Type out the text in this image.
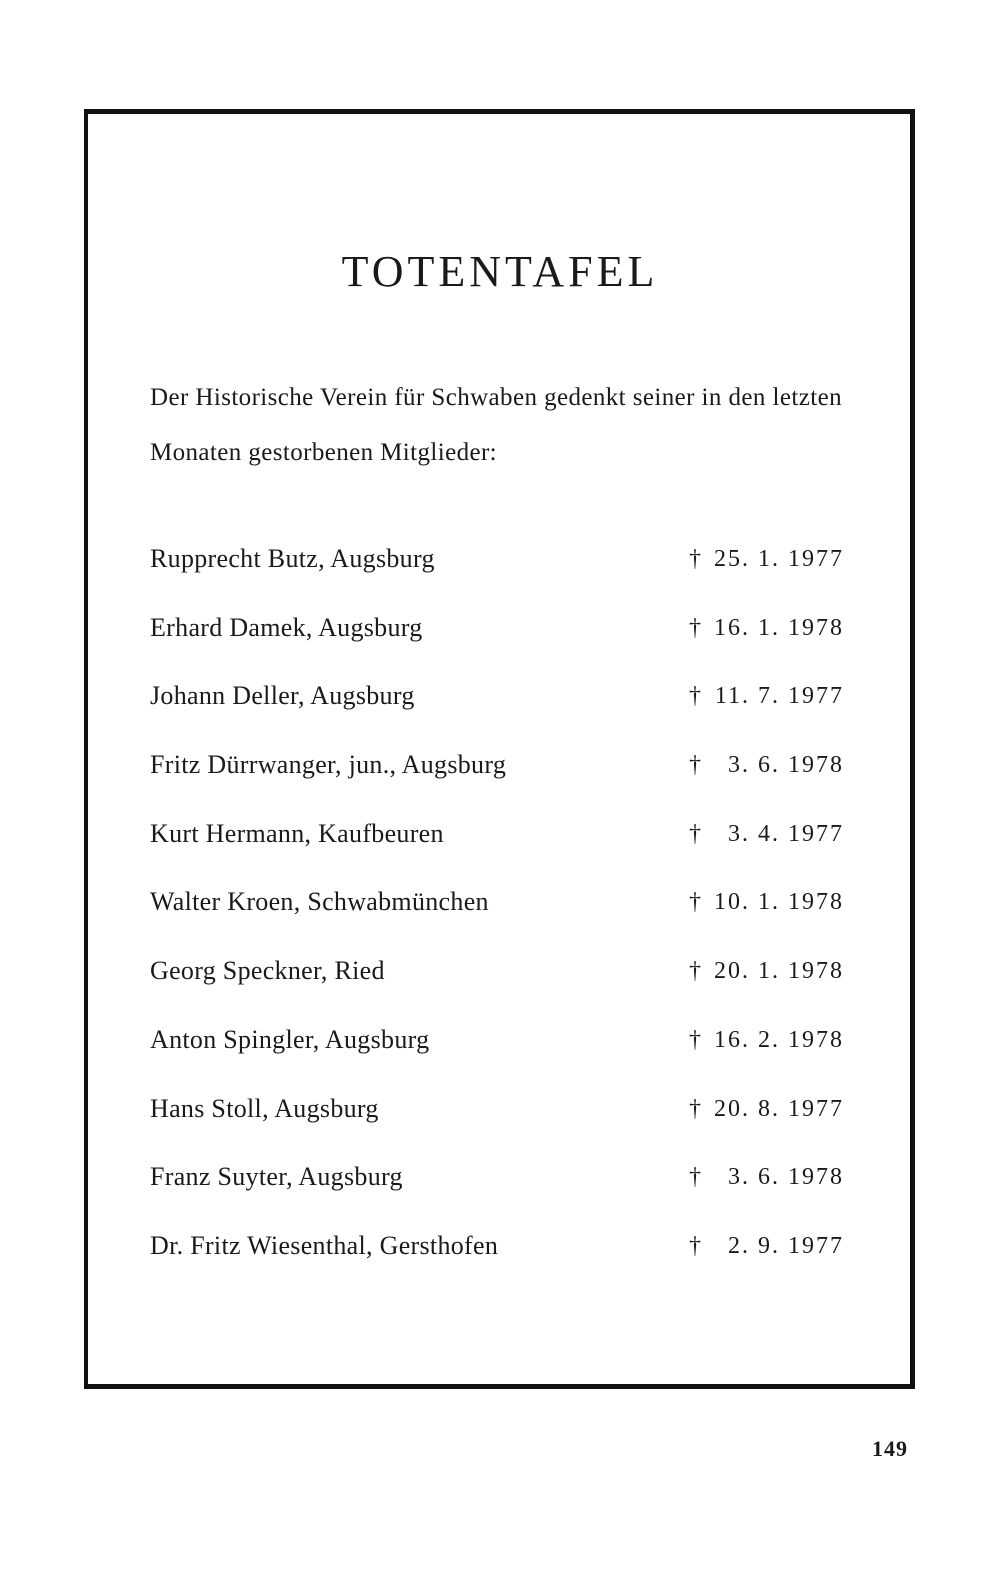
TOTENTAFEL

Der Historische Verein für Schwaben gedenkt seiner in den letzten Monaten gestorbenen Mitglieder:

Rupprecht Butz, Augsburg	† 25. 1. 1977
Erhard Damek, Augsburg	† 16. 1. 1978
Johann Deller, Augsburg	† 11. 7. 1977
Fritz Dürrwanger, jun., Augsburg	† 3. 6. 1978
Kurt Hermann, Kaufbeuren	† 3. 4. 1977
Walter Kroen, Schwabmünchen	† 10. 1. 1978
Georg Speckner, Ried	† 20. 1. 1978
Anton Spingler, Augsburg	† 16. 2. 1978
Hans Stoll, Augsburg	† 20. 8. 1977
Franz Suyter, Augsburg	† 3. 6. 1978
Dr. Fritz Wiesenthal, Gersthofen	† 2. 9. 1977
149
